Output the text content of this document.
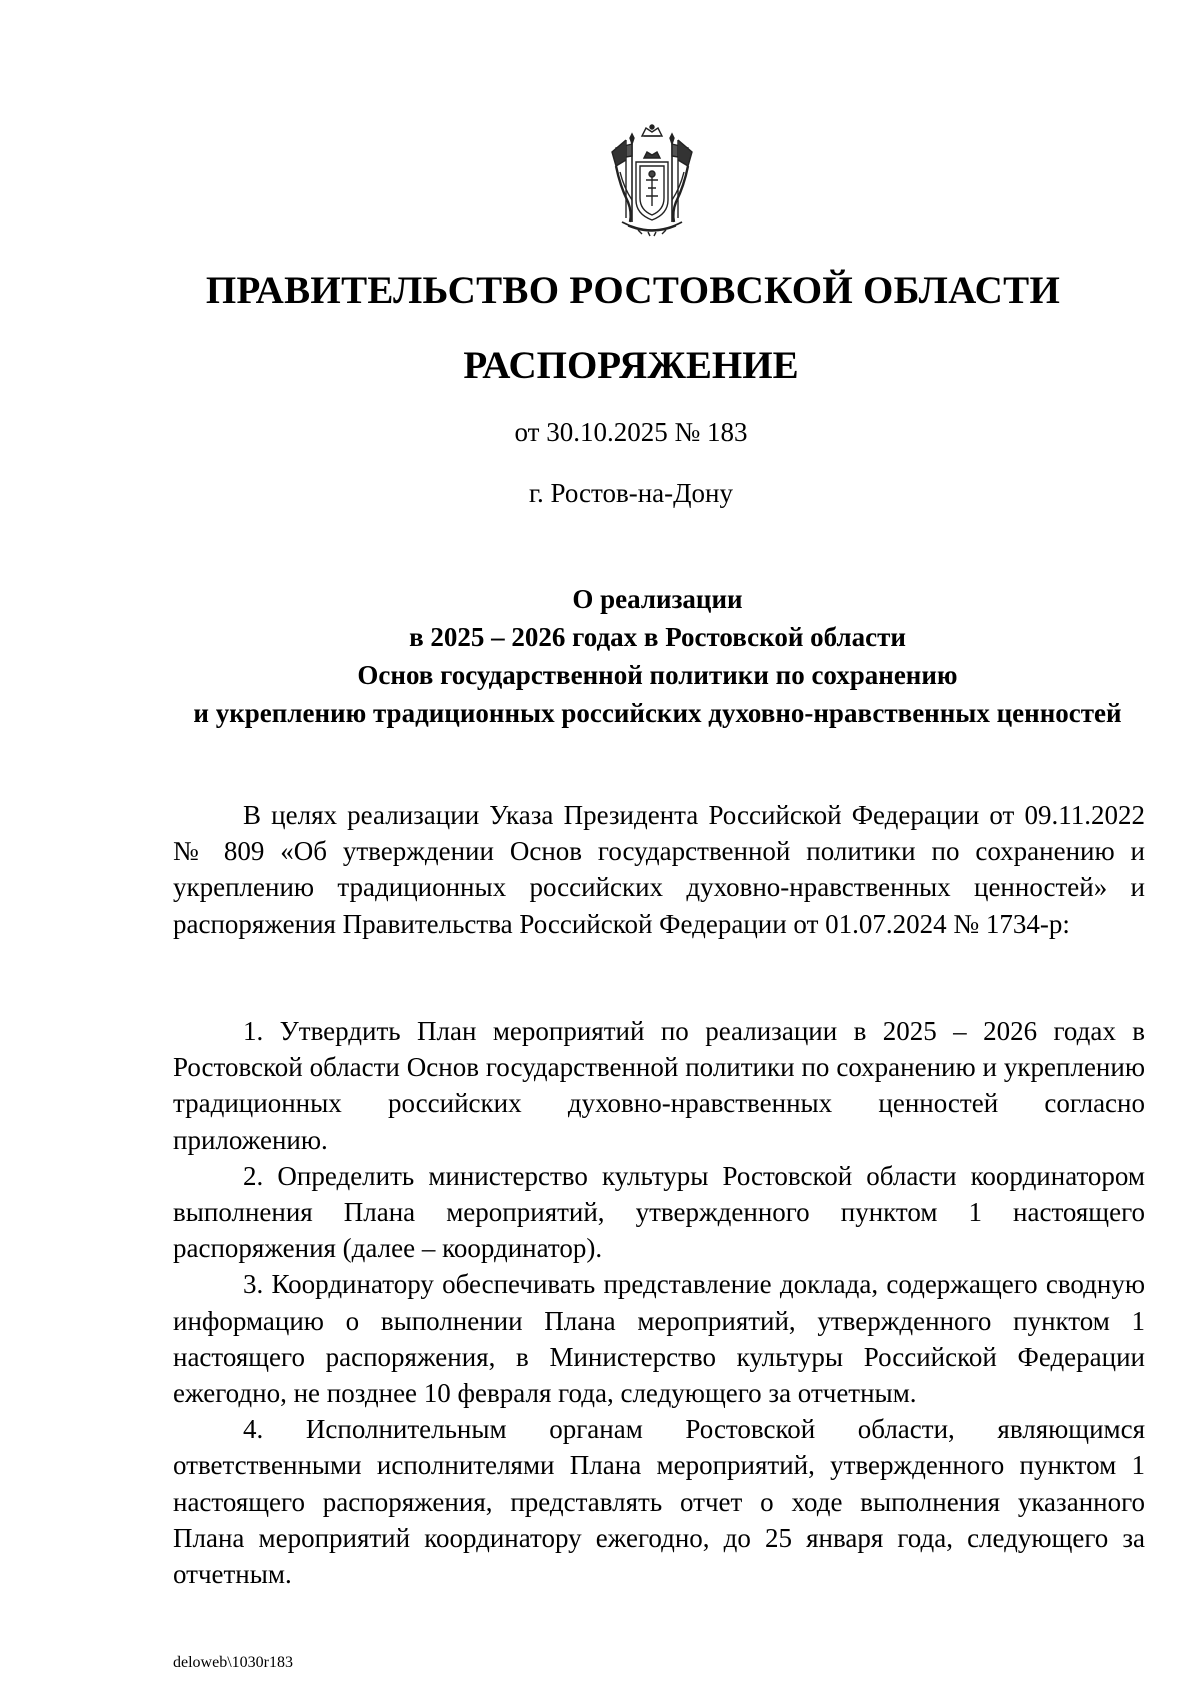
ПРАВИТЕЛЬСТВО РОСТОВСКОЙ ОБЛАСТИ
РАСПОРЯЖЕНИЕ
от 30.10.2025 № 183
г. Ростов-на-Дону
О реализации
в 2025 – 2026 годах в Ростовской области
Основ государственной политики по сохранению
и укреплению традиционных российских духовно-нравственных ценностей

В целях реализации Указа Президента Российской Федерации от 09.11.2022 № 809 «Об утверждении Основ государственной политики по сохранению и укреплению традиционных российских духовно-нравственных ценностей» и распоряжения Правительства Российской Федерации от 01.07.2024 № 1734-р:

1. Утвердить План мероприятий по реализации в 2025 – 2026 годах в Ростовской области Основ государственной политики по сохранению и укреплению традиционных российских духовно-нравственных ценностей согласно приложению.

2. Определить министерство культуры Ростовской области координатором выполнения Плана мероприятий, утвержденного пунктом 1 настоящего распоряжения (далее – координатор).

3. Координатору обеспечивать представление доклада, содержащего сводную информацию о выполнении Плана мероприятий, утвержденного пунктом 1 настоящего распоряжения, в Министерство культуры Российской Федерации ежегодно, не позднее 10 февраля года, следующего за отчетным.

4. Исполнительным органам Ростовской области, являющимся ответственными исполнителями Плана мероприятий, утвержденного пунктом 1 настоящего распоряжения, представлять отчет о ходе выполнения указанного Плана мероприятий координатору ежегодно, до 25 января года, следующего за отчетным.

deloweb\1030r183
